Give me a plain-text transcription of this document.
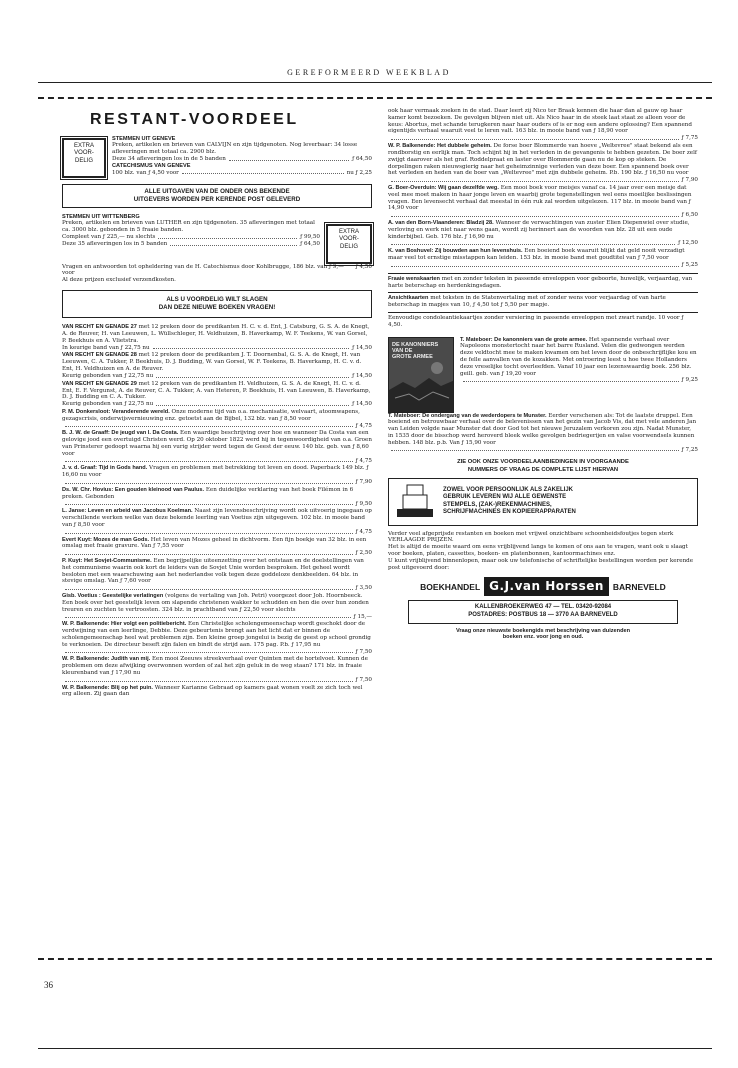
GEREFORMEERD WEEKBLAD
RESTANT-VOORDEEL
EXTRA
VOOR-
DELIG
STEMMEN UIT GENEVE
Preken, artikelen en brieven van CALVIJN en zijn tijdgenoten. Nog leverbaar: 34 losse afleveringen met totaal ca. 2900 blz.
Deze 34 afleveringen los in de 5 banden	ƒ 64,50
CATECHISMUS VAN GENEVE
100 blz. van ƒ 4,50 voor	nu ƒ 2,25
ALLE UITGAVEN VAN DE ONDER ONS BEKENDE
UITGEVERS WORDEN PER KERENDE POST GELEVERD
STEMMEN UIT WITTENBERG
Preken, artikelen en brieven van LUTHER en zijn tijdgenoten. 35 afleveringen met totaal ca. 3000 blz. gebonden in 5 fraaie banden.
Compleet van ƒ 225,— nu slechts	ƒ 99,50
Deze 35 afleveringen los in 5 banden	ƒ 64,50
EXTRA
VOOR-
DELIG
Vragen en antwoorden tot opheldering van de H. Catechismus door Kohlbrugge, 186 blz. van ƒ 9,— voor
ƒ 4,50
Al deze prijzen exclusief verzendkosten.
ALS U VOORDELIG WILT SLAGEN
DAN DEZE NIEUWE BOEKEN VRAGEN!
VAN RECHT EN GENADE 27 met 12 preken door de predikanten H. C. v. d. Ent, J. Catsburg, G. S. A. de Knegt, A. de Reuver, H. van Leeuwen, L. Wüllschleger, H. Veldhuizen, B. Haverkamp, W. F. Teekens, W. van Gorsel, P. Beekhuis en A. Vlietstra.
In keurige band van ƒ 22,75 nu	ƒ 14,50
VAN RECHT EN GENADE 28 met 12 preken door de predikanten J. T. Doornenbal, G. S. A. de Knegt, H. van Leeuwen, C. A. Tukker, P. Beekhuis, D. J. Budding, W. van Gorsel, W. F. Teekens, B. Haverkamp, H. C. v. d. Ent, H. Veldhuizen en A. de Reuver.
Keurig gebonden van ƒ 22,75 nu	ƒ 14,50
VAN RECHT EN GENADE 29 met 12 preken van de predikanten H. Veldhuizen, G. S. A. de Knegt, H. C. v. d. Ent, E. F. Vergunst, A. de Reuver, C. A. Tukker, A. van Heteren, P. Beekhuis, H. van Leeuwen, B. Haverkamp, D. J. Budding en C. A. Tukker.
Keurig gebonden van ƒ 22,75 nu	ƒ 14,50
P. M. Donkersloot: Veranderende wereld. Onze moderne tijd van o.a. mechanisatie, welvaart, atoomwapens, gezagscrisis, onderwijsvernieuwing enz. getoetst aan de Bijbel, 132 blz. van ƒ 8,50 voor
ƒ 4,75
B. J. W. de Graaff: De jeugd van I. Da Costa. Een waardige beschrijving over hoe en wanneer Da Costa van een gelovige jood een overtuigd Christen werd. Op 20 oktober 1822 werd hij in tegenwoordigheid van o.a. Groen van Prinsterer gedoopt waarna hij een vurig strijder werd tegen de Geest der eeuw. 140 blz. geb. van ƒ 8,60 voor
ƒ 4,75
J. v. d. Graaf: Tijd in Gods hand. Vragen en problemen met betrekking tot leven en dood. Paperback 149 blz. ƒ 16,60 nu voor
ƒ 7,90
Ds. W. Chr. Hovius: Een gouden kleinood van Paulus. Een duidelijke verklaring van het boek Filémon in 6 preken. Gebonden
ƒ 9,50
L. Janse: Leven en arbeid van Jacobus Koelman. Naast zijn levensbeschrijving wordt ook uitvoerig ingegaan op verschillende werken welke van deze bekende leerling van Voetius zijn uitgegeven. 102 blz. in mooie band van ƒ 8,50 voor
ƒ 4,75
Evert Kuyt: Mozes de man Gods. Het leven van Mozes geheel in dichtvorm. Een fijn boekje van 32 blz. in een omslag met fraaie gravure. Van ƒ 7,55 voor
ƒ 2,50
P. Kuyt: Het Sovjet-Communisme. Een begrijpelijke uiteenzetting over het ontstaan en de doelstellingen van het communisme waarin ook kort de leiders van de Sovjet Unie worden besproken. Het geheel wordt besloten met een waarschuwing aan het nederlandse volk tegen deze goddeloze denkbeelden. 64 blz. in stevige omslag. Van ƒ 7,60 voor
ƒ 3,50
Gisb. Voetius : Geestelijke verlatingen (volgens de vertaling van Joh. Petri) voorgezet door Joh. Hoornbeeck. Een boek over het geestelijk leven om slapende christenen wakker te schudden en hen die over hun zonden treuren en zuchten te vertroosten. 324 blz. in prachtband van ƒ 22,50 voor slechts
ƒ 15,—
W. P. Balkenende: Hier volgt een politiebericht. Een Christelijke scholengemeenschap wordt geschokt door de verdwijning van een leerlinge, Debbie. Deze gebeurtenis brengt aan het licht dat er binnen de scholengemeenschap heel wat problemen zijn. Een kleine groep jongelui is bezig de geest op school grondig te verknoeien. De directeur beseft zijn falen en bindt de strijd aan. 175 pag. P.b. ƒ 17,95 nu
ƒ 7,50
W. P. Balkenende: Judith van mij. Een mooi Zeeuws streekverhaal over Quinten met de hortelvoet. Kunnen de problemen om deze afwijking overwonnen worden of zal het zijn geluk in de weg staan? 171 blz. in fraaie kleurenband van ƒ 17,90 nu
ƒ 7,50
W. P. Balkenende: Blij op het puin. Wanneer Karianne Gebraad op kamers gaat wonen voelt ze zich toch wel erg alleen. Zij gaan dan
ook haar vermaak zoeken in de stad. Daar leert zij Nico ter Braak kennen die haar dan al gauw op haar kamer komt bezoeken. De gevolgen blijven niet uit. Als Nico haar in de steek laat staat ze alleen voor de keus: Abortus, met schande terugkeren naar haar ouders of is er nog een andere oplossing? Een spannend eigentijds verhaal waaruit veel te leren valt. 163 blz. in mooie band van ƒ 18,90 voor
ƒ 7,75
W. P. Balkenende: Het dubbele geheim. De forse boer Blommerde van hoeve „Weltevree" staat bekend als een rondborstig en eerlijk man. Toch schijnt hij in het verleden in de gevangenis te hebben gezeten. De boer zelf zwijgt daarover als het graf. Roddelpraat en laster over Blommerde gaan nu de kop op steken. De dorpelingen raken nieuwsgierig naar het geheimzinnige verleden van deze boer. Een spannend boek over het verleden en heden van de boer van „Weltevree" met zijn dubbele geheim. P.b. 190 blz. ƒ 16,50 nu voor
ƒ 7,90
G. Boer-Overduin: Wij gaan dezelfde weg. Een mooi boek voor meisjes vanaf ca. 14 jaar over een meisje dat veel mee moet maken in haar jonge leven en waarbij grote tegenstellingen wel eens moeilijke beslissingen vragen. Een levensecht verhaal dat meestal in één ruk zal worden uitgelezen. 117 blz. in mooie band van ƒ 14,90 voor
ƒ 6,50
A. van den Born-Vlaanderen: Bladzij 28. Wanneer de verwachtingen van zuster Elien Diepenwiel over studie, verloving en werk niet naar wens gaan, wordt zij herinnert aan de woorden van blz. 28 uit een oude kinderbijbel. Geb. 176 blz. ƒ 16,90 nu
ƒ 12,50
K. van Boshuvel: Zij bouwden aan hun levenshuis. Een boeiend boek waaruit blijkt dat geld nooit verzadigt maar veel tot ernstige misstappen kan leiden. 153 blz. in mooie band met goudtitel van ƒ 7,50 voor
ƒ 5,25
Fraaie wenskaarten met en zonder teksten in passende enveloppen voor geboorte, huwelijk, verjaardag, van harte beterschap en herdenkingsdagen.
Ansichtkaarten met teksten in de Statenvertaling met of zonder wens voor verjaardag of van harte beterschap in mapjes van 10, ƒ 4,50 tot ƒ 5,50 per mapje.
Eenvoudige condoleantiekaartjes zonder versiering in passende enveloppen met zwart randje. 10 voor ƒ 4,50.
DE KANONNIERS
VAN DE
GROTE ARMEE
T. Mateboer: De kanonniers van de grote armee. Het spannende verhaal over Napoleons monstertocht naar het barre Rusland. Velen die gedwongen werden deze veldtocht mee te maken kwamen om het leven door de onbeschrijflijke kou en de felle aanvallen van de kozakken. Met ontroering leest u hoe twee Hollanders deze vreselijke tocht overleefden. Vanaf 10 jaar een lezenswaardig boek. 256 blz. geill. geb. van ƒ 19,20 voor
ƒ 9,25
T. Mateboer: De ondergang van de wederdopers te Munster. Eerder verschenen als: Tot de laatste druppel. Een boeiend en betrouwbaar verhaal over de belevenissen van het gezin van Jacob Vis, dat met vele anderen Jan van Leiden volgde naar Munster dat door God tot het nieuwe Jeruzalem verkoren zou zijn. Nadat Munster, in 1535 door de bisschop werd heroverd bleek welke gevolgen bedriegerijen en valse voorwendsels kunnen hebben. 148 blz. p.b. Van ƒ 15,90 voor
ƒ 7,25
ZIE OOK ONZE VOORDEELAANBIEDINGEN IN VOORGAANDE
NUMMERS OF VRAAG DE COMPLETE LIJST HIERVAN
ZOWEL VOOR PERSOONLIJK ALS ZAKELIJK
GEBRUIK LEVEREN WIJ ALLE GEWENSTE
STEMPELS, (ZAK-)REKENMACHINES,
SCHRIJFMACHINES EN KOPIEERAPPARATEN
Verder veel afgeprijsde restanten en boeken met vrijwel onzichtbare schoonheidsfoutjes tegen sterk VERLAAGDE PRIJZEN.
Het is altijd de moeite waard om eens vrijblijvend langs te komen of ons aan te vragen, want ook u slaagt voor boeken, platen, cassettes, boeken- en platenbonnen, kantoormachines enz.
U kunt vrijblijvend binnenlopen, maar ook uw telefonische of schriftelijke bestellingen worden per kerende post uitgevoerd door:
BOEKHANDEL G.J.van Horssen	BARNEVELD
KALLENBROEKERWEG 47 — TEL. 03420-92084
POSTADRES: POSTBUS 18 — 3770 AA BARNEVELD
Vraag onze nieuwste boekengids met beschrijving van duizenden
boeken enz. voor jong en oud.
36
